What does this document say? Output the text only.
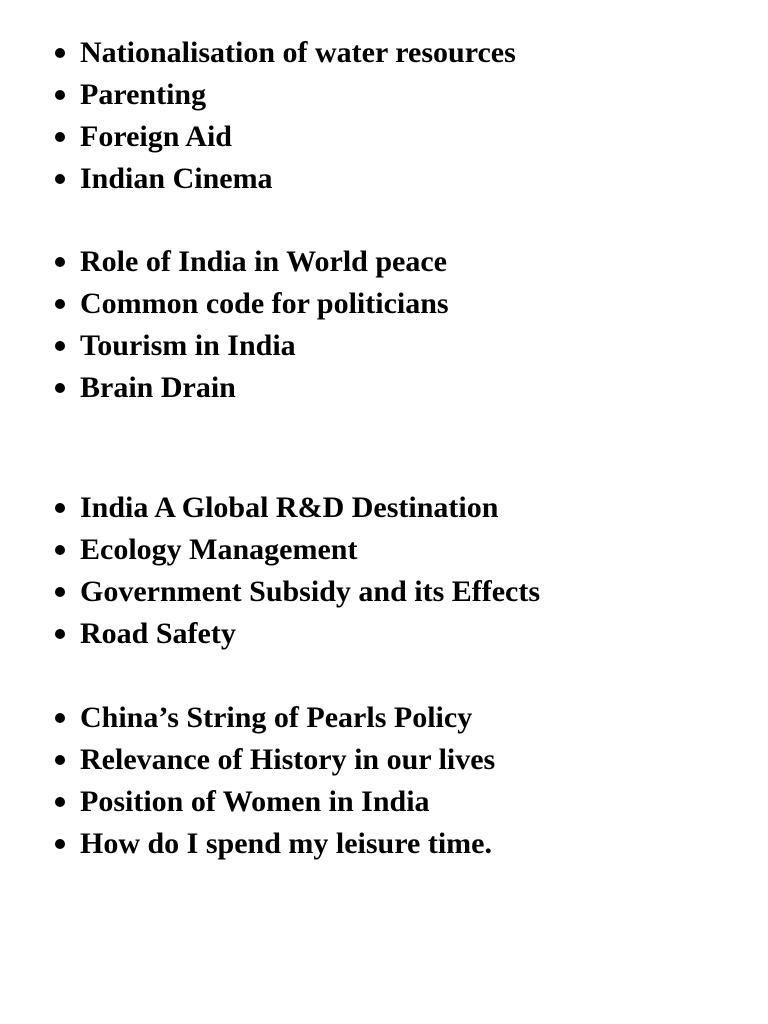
Nationalisation of water resources
Parenting
Foreign Aid
Indian Cinema
Role of India in World peace
Common code for politicians
Tourism in India
Brain Drain
India A Global R&D Destination
Ecology Management
Government Subsidy and its Effects
Road Safety
China’s String of Pearls Policy
Relevance of History in our lives
Position of Women in India
How do I spend my leisure time.
